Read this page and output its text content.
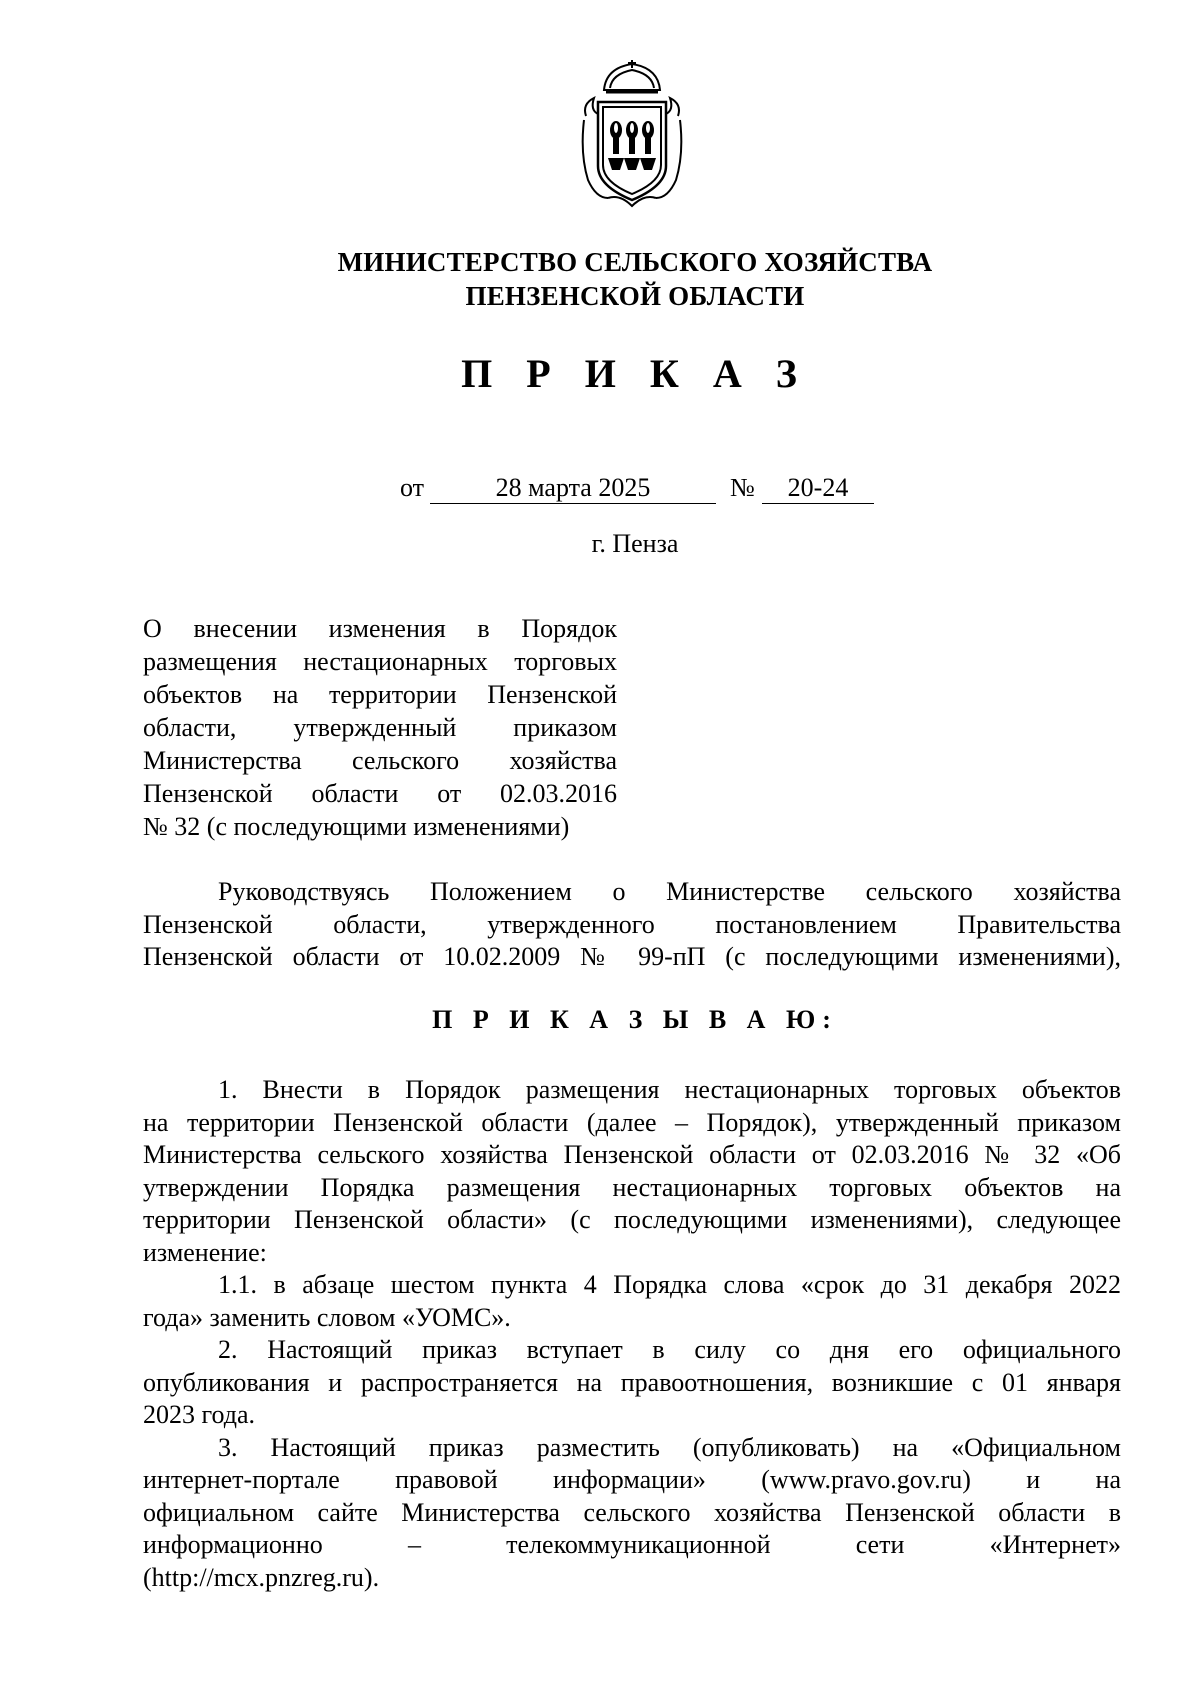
МИНИСТЕРСТВО СЕЛЬСКОГО ХОЗЯЙСТВА
ПЕНЗЕНСКОЙ ОБЛАСТИ
П Р И К А З
от	28 марта 2025	№	20-24
г. Пенза
О внесении изменения в Порядок
размещения нестационарных торговых
объектов на территории Пензенской
области, утвержденный приказом
Министерства сельского хозяйства
Пензенской области от 02.03.2016
№ 32 (с последующими изменениями)
Руководствуясь Положением о Министерстве сельского хозяйства
Пензенской области, утвержденного постановлением Правительства
Пензенской области от 10.02.2009 № 99-пП (с последующими изменениями),
П Р И К А З Ы В А Ю:
1. Внести в Порядок размещения нестационарных торговых объектов
на территории Пензенской области (далее – Порядок), утвержденный приказом
Министерства сельского хозяйства Пензенской области от 02.03.2016 № 32 «Об
утверждении Порядка размещения нестационарных торговых объектов на
территории Пензенской области» (с последующими изменениями), следующее
изменение:
1.1. в абзаце шестом пункта 4 Порядка слова «срок до 31 декабря 2022
года» заменить словом «УОМС».
2. Настоящий приказ вступает в силу со дня его официального
опубликования и распространяется на правоотношения, возникшие с 01 января
2023 года.
3. Настоящий приказ разместить (опубликовать) на «Официальном
интернет-портале правовой информации» (www.pravo.gov.ru) и на
официальном сайте Министерства сельского хозяйства Пензенской области в
информационно – телекоммуникационной сети «Интернет»
(http://mcx.pnzreg.ru).
